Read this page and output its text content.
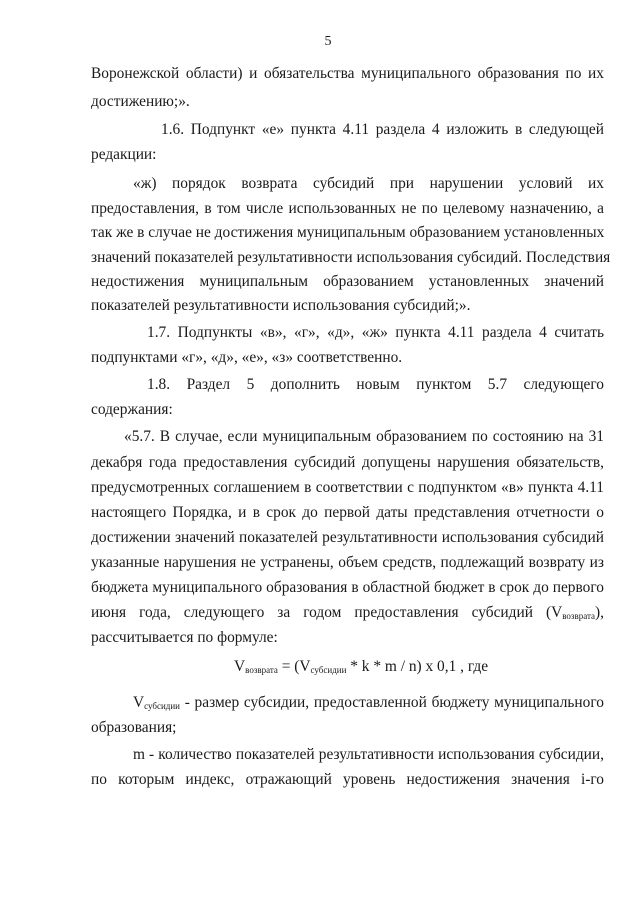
5
Воронежской области) и обязательства муниципального образования по их
достижению;».
1.6. Подпункт «е» пункта 4.11 раздела 4 изложить в следующей
редакции:
«ж) порядок возврата субсидий при нарушении условий их
предоставления, в том числе использованных не по целевому назначению, а
так же в случае не достижения муниципальным образованием установленных
значений показателей результативности использования субсидий. Последствия
недостижения муниципальным образованием установленных значений
показателей результативности использования субсидий;».
1.7. Подпункты «в», «г», «д», «ж» пункта 4.11 раздела 4 считать
подпунктами «г», «д», «е», «з» соответственно.
1.8. Раздел 5 дополнить новым пунктом 5.7 следующего
содержания:
«5.7. В случае, если муниципальным образованием по состоянию на 31
декабря года предоставления субсидий допущены нарушения обязательств,
предусмотренных соглашением в соответствии с подпунктом «в» пункта 4.11
настоящего Порядка, и в срок до первой даты представления отчетности о
достижении значений показателей результативности использования субсидий
указанные нарушения не устранены, объем средств, подлежащий возврату из
бюджета муниципального образования в областной бюджет в срок до первого
июня года, следующего за годом предоставления субсидий $(V_{возврата})$,
рассчитывается по формуле:
$V_{возврата} = (V_{субсидии} * k * m / n)$ x 0,1 , где
$V_{субсидии}$ - размер субсидии, предоставленной бюджету муниципального
образования;
m - количество показателей результативности использования субсидии,
по которым индекс, отражающий уровень недостижения значения i-го
